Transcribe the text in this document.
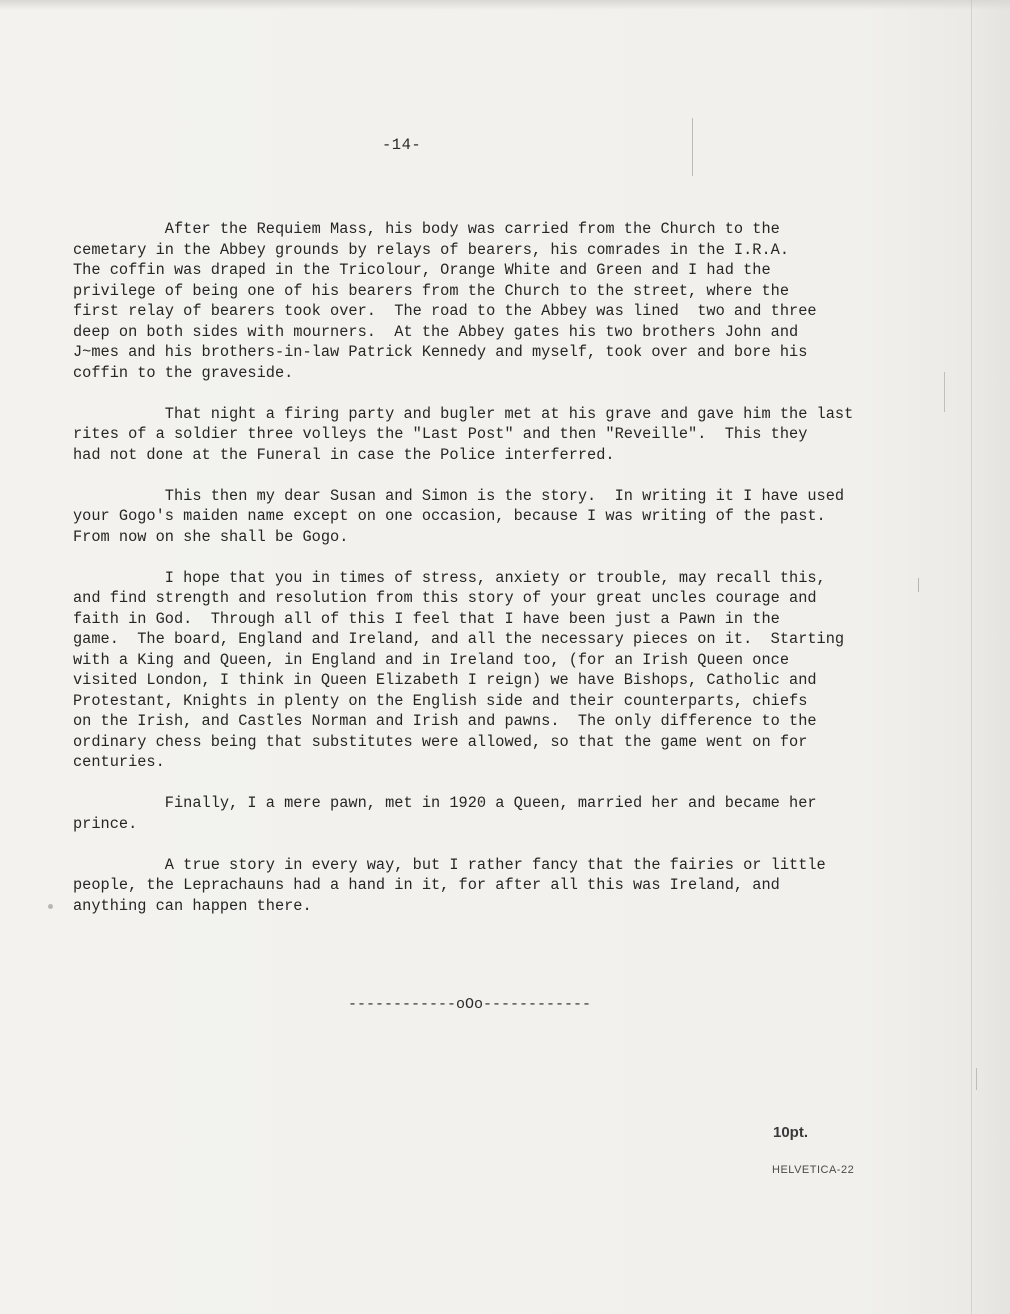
-14-

After the Requiem Mass, his body was carried from the Church to the
cemetary in the Abbey grounds by relays of bearers, his comrades in the I.R.A.
The coffin was draped in the Tricolour, Orange White and Green and I had the
privilege of being one of his bearers from the Church to the street, where the
first relay of bearers took over.  The road to the Abbey was lined  two and three
deep on both sides with mourners.  At the Abbey gates his two brothers John and
J~mes and his brothers-in-law Patrick Kennedy and myself, took over and bore his
coffin to the graveside.

That night a firing party and bugler met at his grave and gave him the last
rites of a soldier three volleys the "Last Post" and then "Reveille".  This they
had not done at the Funeral in case the Police interferred.

This then my dear Susan and Simon is the story.  In writing it I have used
your Gogo's maiden name except on one occasion, because I was writing of the past.
From now on she shall be Gogo.

I hope that you in times of stress, anxiety or trouble, may recall this,
and find strength and resolution from this story of your great uncles courage and
faith in God.  Through all of this I feel that I have been just a Pawn in the
game.  The board, England and Ireland, and all the necessary pieces on it.  Starting
with a King and Queen, in England and in Ireland too, (for an Irish Queen once
visited London, I think in Queen Elizabeth I reign) we have Bishops, Catholic and
Protestant, Knights in plenty on the English side and their counterparts, chiefs
on the Irish, and Castles Norman and Irish and pawns.  The only difference to the
ordinary chess being that substitutes were allowed, so that the game went on for
centuries.

Finally, I a mere pawn, met in 1920 a Queen, married her and became her
prince.

A true story in every way, but I rather fancy that the fairies or little
people, the Leprachauns had a hand in it, for after all this was Ireland, and
anything can happen there.

------------oOo------------
10pt.
HELVETICA-22
